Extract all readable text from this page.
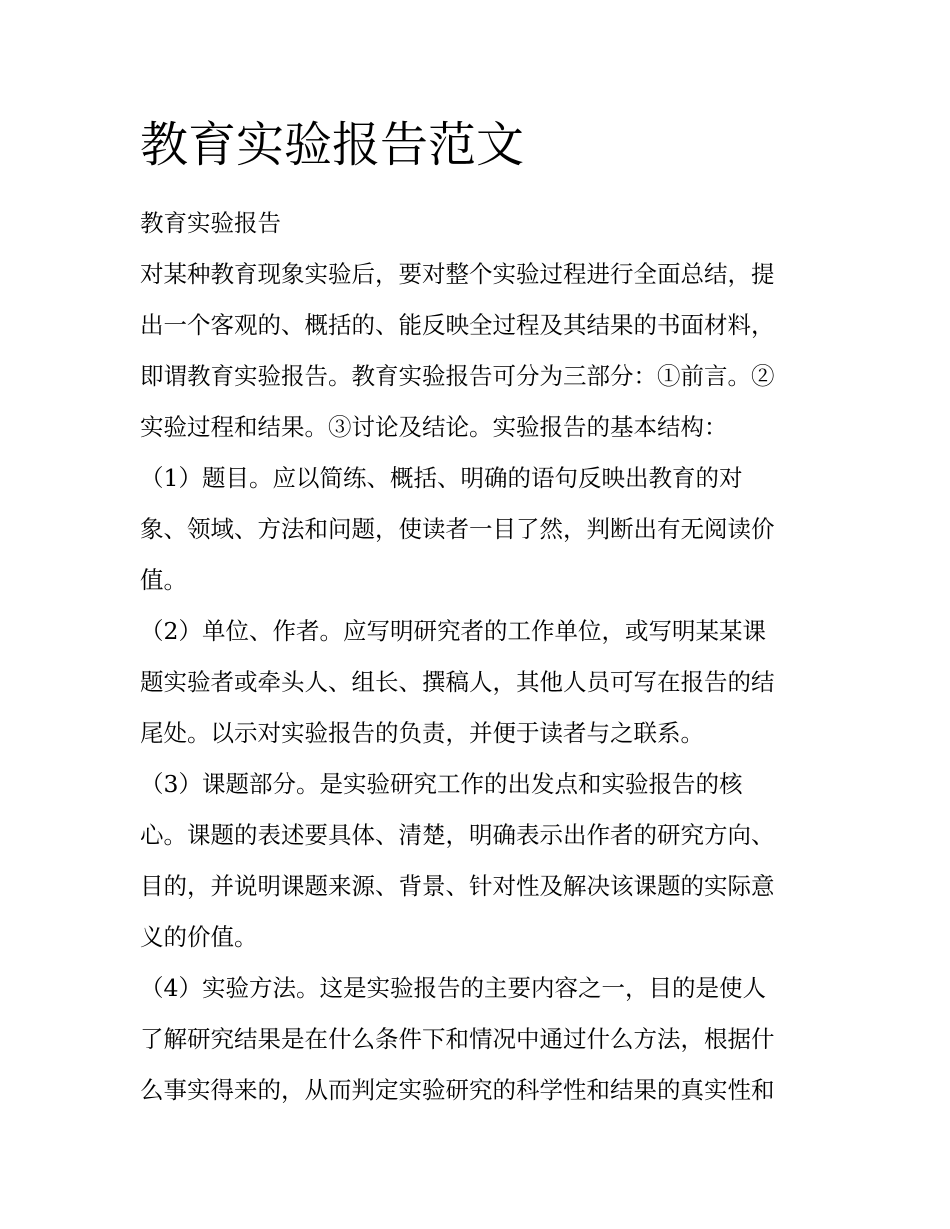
教育实验报告范文

教育实验报告

对某种教育现象实验后，要对整个实验过程进行全面总结，提

出一个客观的、概括的、能反映全过程及其结果的书面材料，

即谓教育实验报告。教育实验报告可分为三部分：①前言。②

实验过程和结果。③讨论及结论。实验报告的基本结构：

（1）题目。应以简练、概括、明确的语句反映出教育的对

象、领域、方法和问题，使读者一目了然，判断出有无阅读价

值。

（2）单位、作者。应写明研究者的工作单位，或写明某某课

题实验者或牵头人、组长、撰稿人，其他人员可写在报告的结

尾处。以示对实验报告的负责，并便于读者与之联系。

（3）课题部分。是实验研究工作的出发点和实验报告的核

心。课题的表述要具体、清楚，明确表示出作者的研究方向、

目的，并说明课题来源、背景、针对性及解决该课题的实际意

义的价值。

（4）实验方法。这是实验报告的主要内容之一，目的是使人

了解研究结果是在什么条件下和情况中通过什么方法，根据什

么事实得来的，从而判定实验研究的科学性和结果的真实性和
